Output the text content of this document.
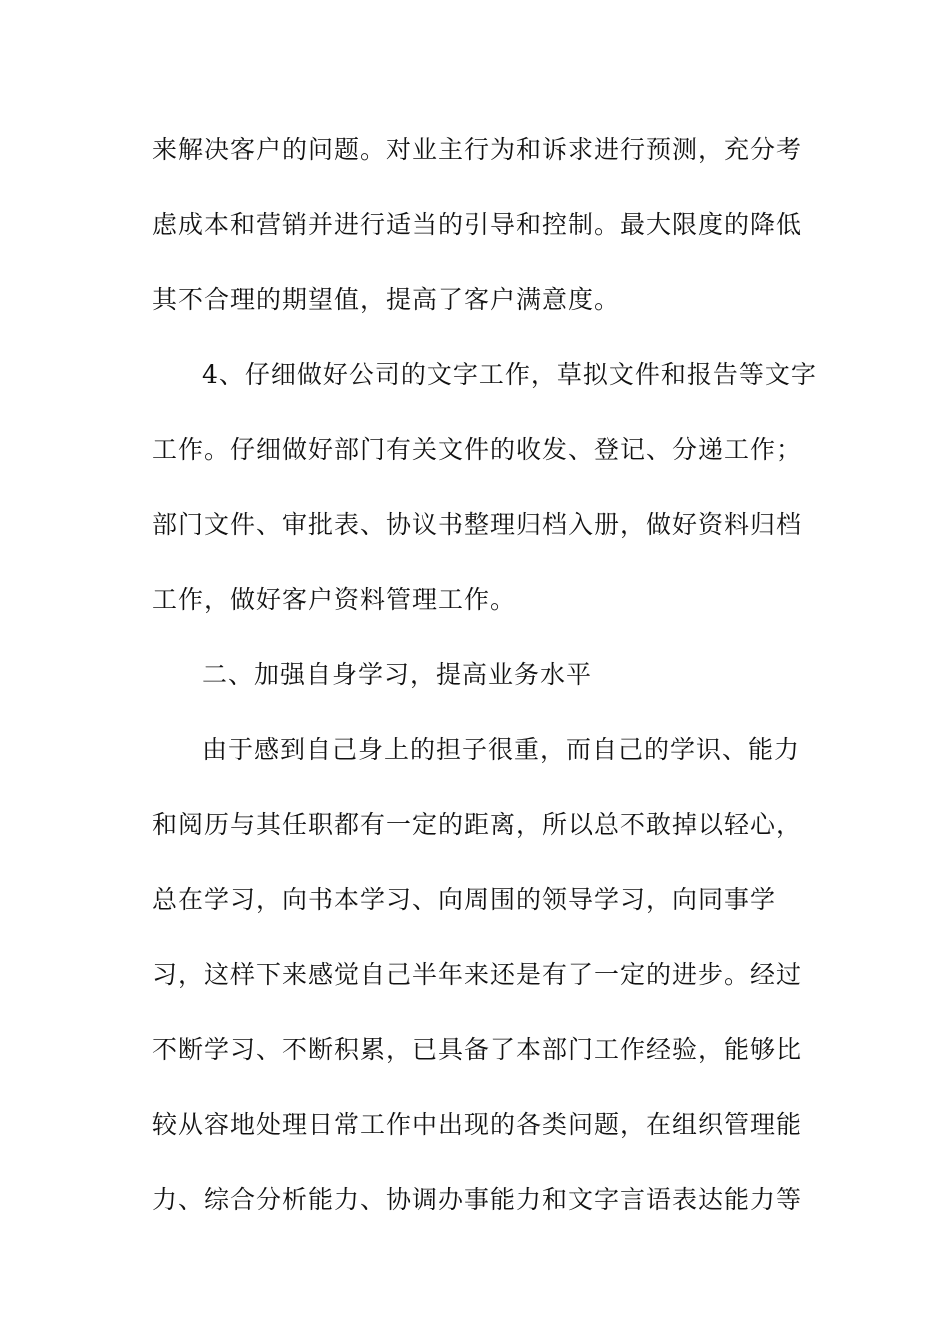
来解决客户的问题。对业主行为和诉求进行预测，充分考
虑成本和营销并进行适当的引导和控制。最大限度的降低
其不合理的期望值，提高了客户满意度。
4、仔细做好公司的文字工作，草拟文件和报告等文字
工作。仔细做好部门有关文件的收发、登记、分递工作；
部门文件、审批表、协议书整理归档入册，做好资料归档
工作，做好客户资料管理工作。
二、加强自身学习，提高业务水平
由于感到自己身上的担子很重，而自己的学识、能力
和阅历与其任职都有一定的距离，所以总不敢掉以轻心，
总在学习，向书本学习、向周围的领导学习，向同事学
习，这样下来感觉自己半年来还是有了一定的进步。经过
不断学习、不断积累，已具备了本部门工作经验，能够比
较从容地处理日常工作中出现的各类问题，在组织管理能
力、综合分析能力、协调办事能力和文字言语表达能力等
